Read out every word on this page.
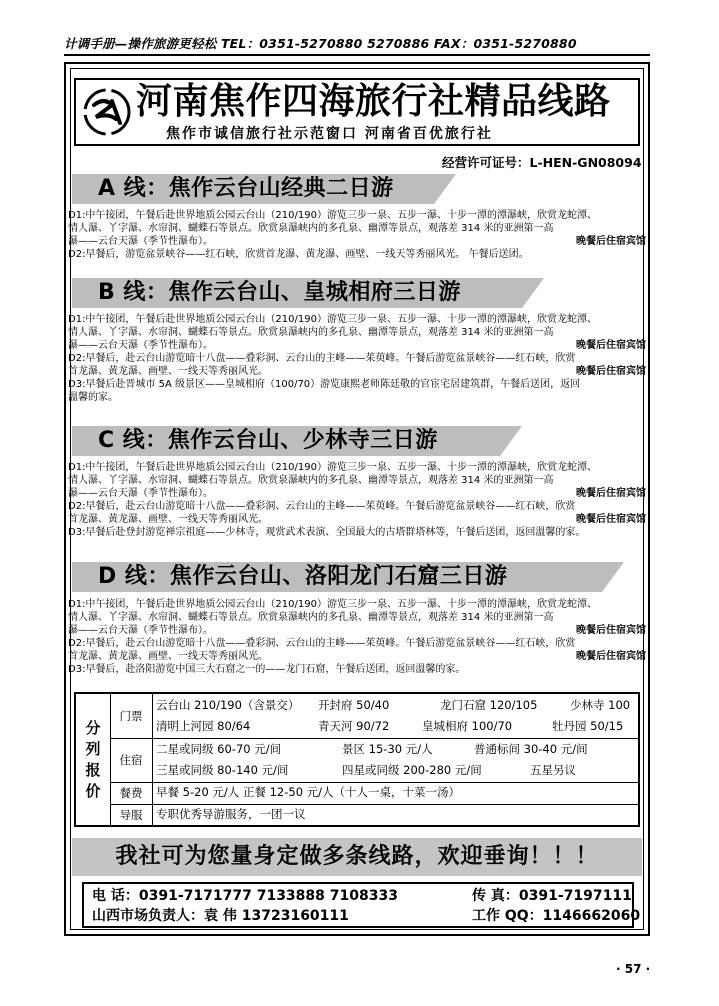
计调手册—操作旅游更轻松 TEL：0351-5270880 5270886 FAX：0351-5270880
河南焦作四海旅行社精品线路
焦作市诚信旅行社示范窗口 河南省百优旅行社
经营许可证号：L-HEN-GN08094
A 线：焦作云台山经典二日游
D1:中午接团，午餐后赴世界地质公园云台山（210/190）游览三步一泉、五步一瀑、十步一潭的潭瀑峡，欣赏龙蛇潭、
情人瀑、丫字瀑、水帘洞、蝴蝶石等景点。欣赏泉瀑峡内的多孔泉、幽潭等景点，观落差 314 米的亚洲第一高
瀑——云台天瀑（季节性瀑布）。	晚餐后住宿宾馆
D2:早餐后，游览盆景峡谷——红石峡，欣赏首龙瀑、黄龙瀑、画壁、一线天等秀丽风光。 午餐后送团。
B 线：焦作云台山、皇城相府三日游
D1:中午接团，午餐后赴世界地质公园云台山（210/190）游览三步一泉、五步一瀑、十步一潭的潭瀑峡，欣赏龙蛇潭、
情人瀑、丫字瀑、水帘洞、蝴蝶石等景点。欣赏泉瀑峡内的多孔泉、幽潭等景点，观落差 314 米的亚洲第一高
瀑——云台天瀑（季节性瀑布）。	晚餐后住宿宾馆
D2:早餐后，赴云台山游览暗十八盘——叠彩洞、云台山的主峰——茱萸峰。午餐后游览盆景峡谷——红石峡，欣赏
首龙瀑、黄龙瀑、画壁、一线天等秀丽风光。	晚餐后住宿宾馆
D3:早餐后赴晋城市 5A 级景区——皇城相府（100/70）游览康熙老师陈廷敬的官宦宅居建筑群，午餐后送团，返回
溫馨的家。
C 线：焦作云台山、少林寺三日游
D1:中午接团，午餐后赴世界地质公园云台山（210/190）游览三步一泉、五步一瀑、十步一潭的潭瀑峡，欣赏龙蛇潭、
情人瀑、丫字瀑、水帘洞、蝴蝶石等景点。欣赏泉瀑峡内的多孔泉、幽潭等景点，观落差 314 米的亚洲第一高
瀑——云台天瀑（季节性瀑布）。	晚餐后住宿宾馆
D2:早餐后，赴云台山游览暗十八盘——叠彩洞、云台山的主峰——茱萸峰。午餐后游览盆景峡谷——红石峡，欣赏
首龙瀑、黄龙瀑、画壁、一线天等秀丽风光。	晚餐后住宿宾馆
D3:早餐后赴登封游览禅宗祖庭——少林寺，观赏武术表演、全国最大的古塔群塔林等，午餐后送团，返回溫馨的家。
D 线：焦作云台山、洛阳龙门石窟三日游
D1:中午接团，午餐后赴世界地质公园云台山（210/190）游览三步一泉、五步一瀑、十步一潭的潭瀑峡，欣赏龙蛇潭、
情人瀑、丫字瀑、水帘洞、蝴蝶石等景点。欣赏泉瀑峡内的多孔泉、幽潭等景点，观落差 314 米的亚洲第一高
瀑——云台天瀑（季节性瀑布）。	晚餐后住宿宾馆
D2:早餐后，赴云台山游览暗十八盘——叠彩洞、云台山的主峰——茱萸峰。午餐后游览盆景峡谷——红石峡，欣赏
首龙瀑、黄龙瀑、画壁、一线天等秀丽风光。	晚餐后住宿宾馆
D3:早餐后，赴洛阳游览中国三大石窟之一的——龙门石窟，午餐后送团，返回溫馨的家。
分
列
报
价
门票
云台山 210/190（含景交） 开封府 50/40	龙门石窟 120/105	少林寺 100
清明上河园 80/64	青天河 90/72	皇城相府 100/70	牡丹园 50/15
住宿
二星或同级 60-70 元/间	景区 15-30 元/人	普通标间 30-40 元/间
三星或同级 80-140 元/间	四星或同级 200-280 元/间	五星另议
餐费	早餐 5-20 元/人 正餐 12-50 元/人（十人一桌，十菜一汤）
导服	专职优秀导游服务，一团一议
我社可为您量身定做多条线路，欢迎垂询！！！
电 话：0391-7171777 7133888 7108333	传 真：0391-7197111
山西市场负责人：袁 伟 13723160111	工作 QQ：1146662060
· 57 ·
